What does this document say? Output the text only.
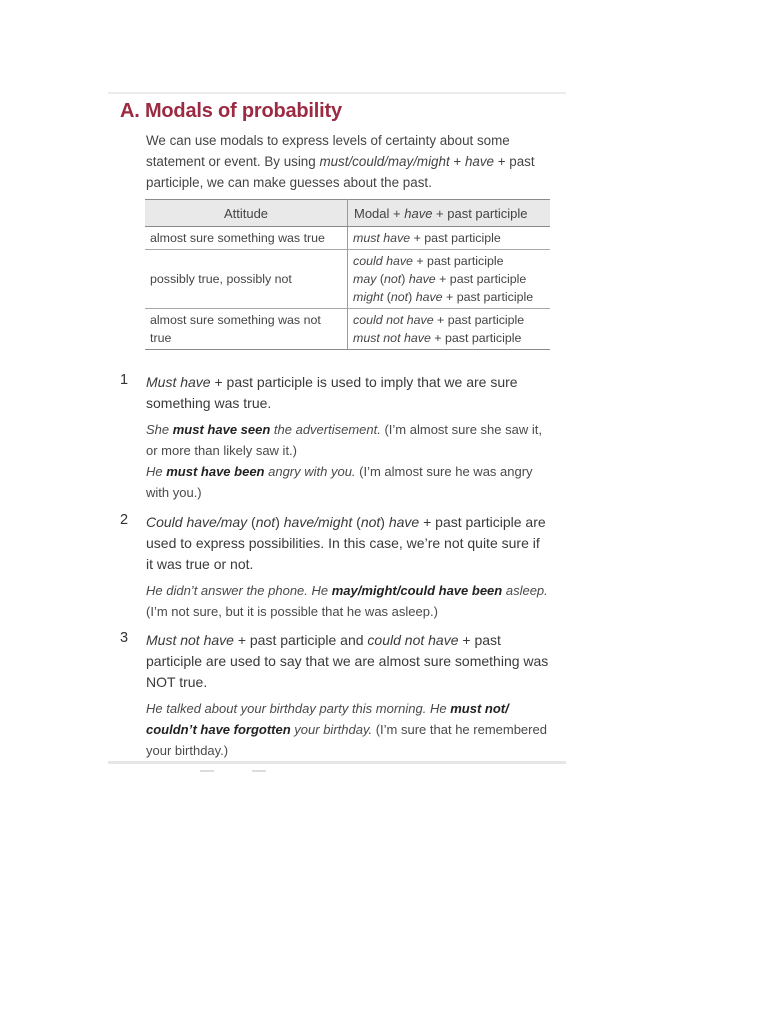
A. Modals of probability

We can use modals to express levels of certainty about some statement or event. By using must/could/may/might + have + past participle, we can make guesses about the past.

Attitude	Modal + have + past participle
almost sure something was true	must have + past participle
possibly true, possibly not	could have + past participle
may (not) have + past participle
might (not) have + past participle

almost sure something was not true	could not have + past participle
must not have + past participle
1 Must have + past participle is used to imply that we are sure something was true.

She must have seen the advertisement. (I’m almost sure she saw it, or more than likely saw it.)
He must have been angry with you. (I’m almost sure he was angry with you.)

2 Could have/may (not) have/might (not) have + past participle are used to express possibilities. In this case, we’re not quite sure if it was true or not.

He didn’t answer the phone. He may/might/could have been asleep. (I’m not sure, but it is possible that he was asleep.)

3 Must not have + past participle and could not have + past participle are used to say that we are almost sure something was NOT true.

He talked about your birthday party this morning. He must not/ couldn’t have forgotten your birthday. (I’m sure that he remembered your birthday.)
